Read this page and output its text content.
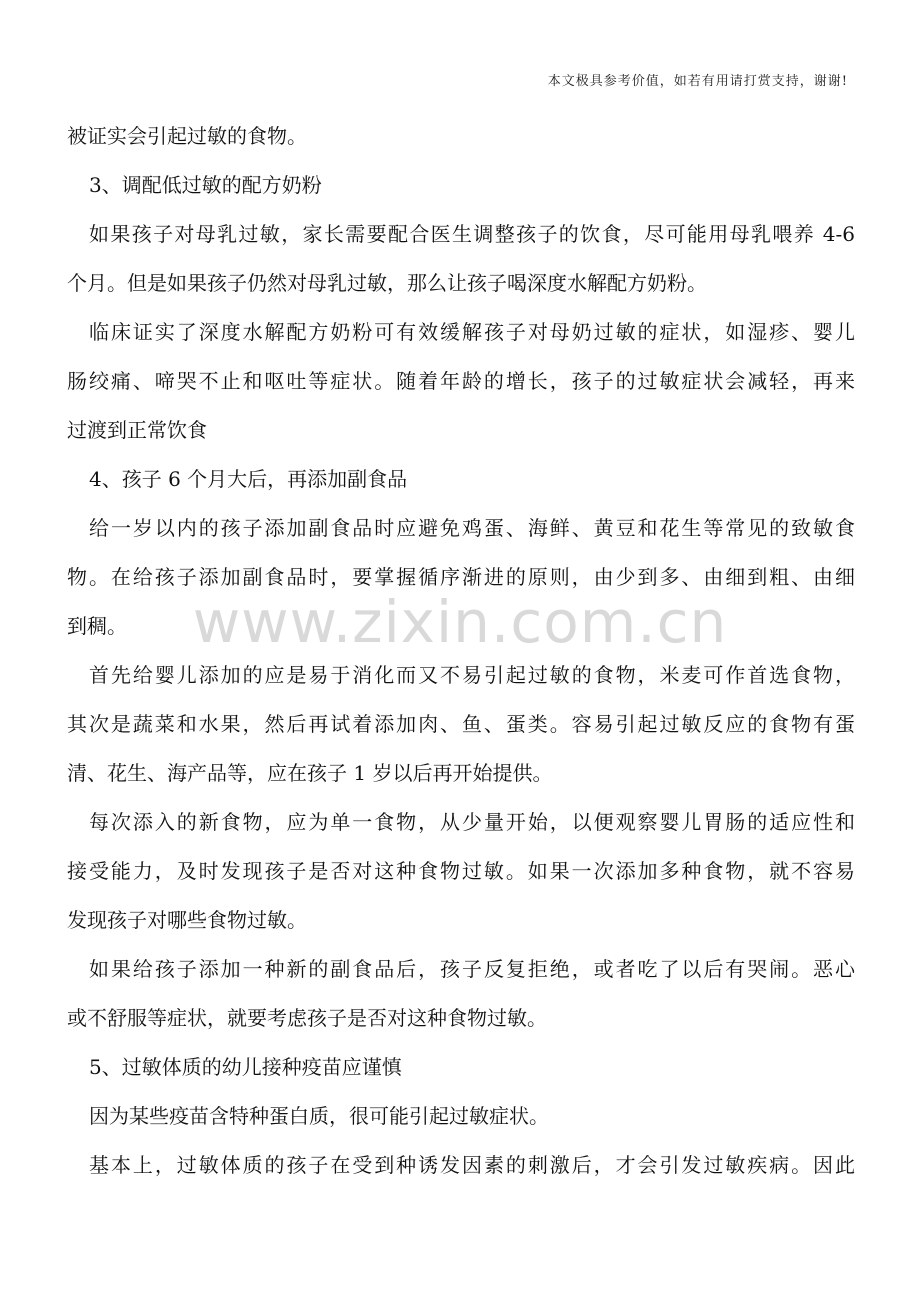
本文极具参考价值，如若有用请打赏支持，谢谢!
www.zixin.com.cn
被证实会引起过敏的食物。
3、调配低过敏的配方奶粉
如果孩子对母乳过敏，家长需要配合医生调整孩子的饮食，尽可能用母乳喂养 4-6
个月。但是如果孩子仍然对母乳过敏，那么让孩子喝深度水解配方奶粉。
临床证实了深度水解配方奶粉可有效缓解孩子对母奶过敏的症状，如湿疹、婴儿
肠绞痛、啼哭不止和呕吐等症状。随着年龄的增长，孩子的过敏症状会减轻，再来
过渡到正常饮食
4、孩子 6 个月大后，再添加副食品
给一岁以内的孩子添加副食品时应避免鸡蛋、海鲜、黄豆和花生等常见的致敏食
物。在给孩子添加副食品时，要掌握循序渐进的原则，由少到多、由细到粗、由细
到稠。
首先给婴儿添加的应是易于消化而又不易引起过敏的食物，米麦可作首选食物，
其次是蔬菜和水果，然后再试着添加肉、鱼、蛋类。容易引起过敏反应的食物有蛋
清、花生、海产品等，应在孩子 1 岁以后再开始提供。
每次添入的新食物，应为单一食物，从少量开始，以便观察婴儿胃肠的适应性和
接受能力，及时发现孩子是否对这种食物过敏。如果一次添加多种食物，就不容易
发现孩子对哪些食物过敏。
如果给孩子添加一种新的副食品后，孩子反复拒绝，或者吃了以后有哭闹。恶心
或不舒服等症状，就要考虑孩子是否对这种食物过敏。
5、过敏体质的幼儿接种疫苗应谨慎
因为某些疫苗含特种蛋白质，很可能引起过敏症状。
基本上，过敏体质的孩子在受到种诱发因素的刺激后，才会引发过敏疾病。因此
